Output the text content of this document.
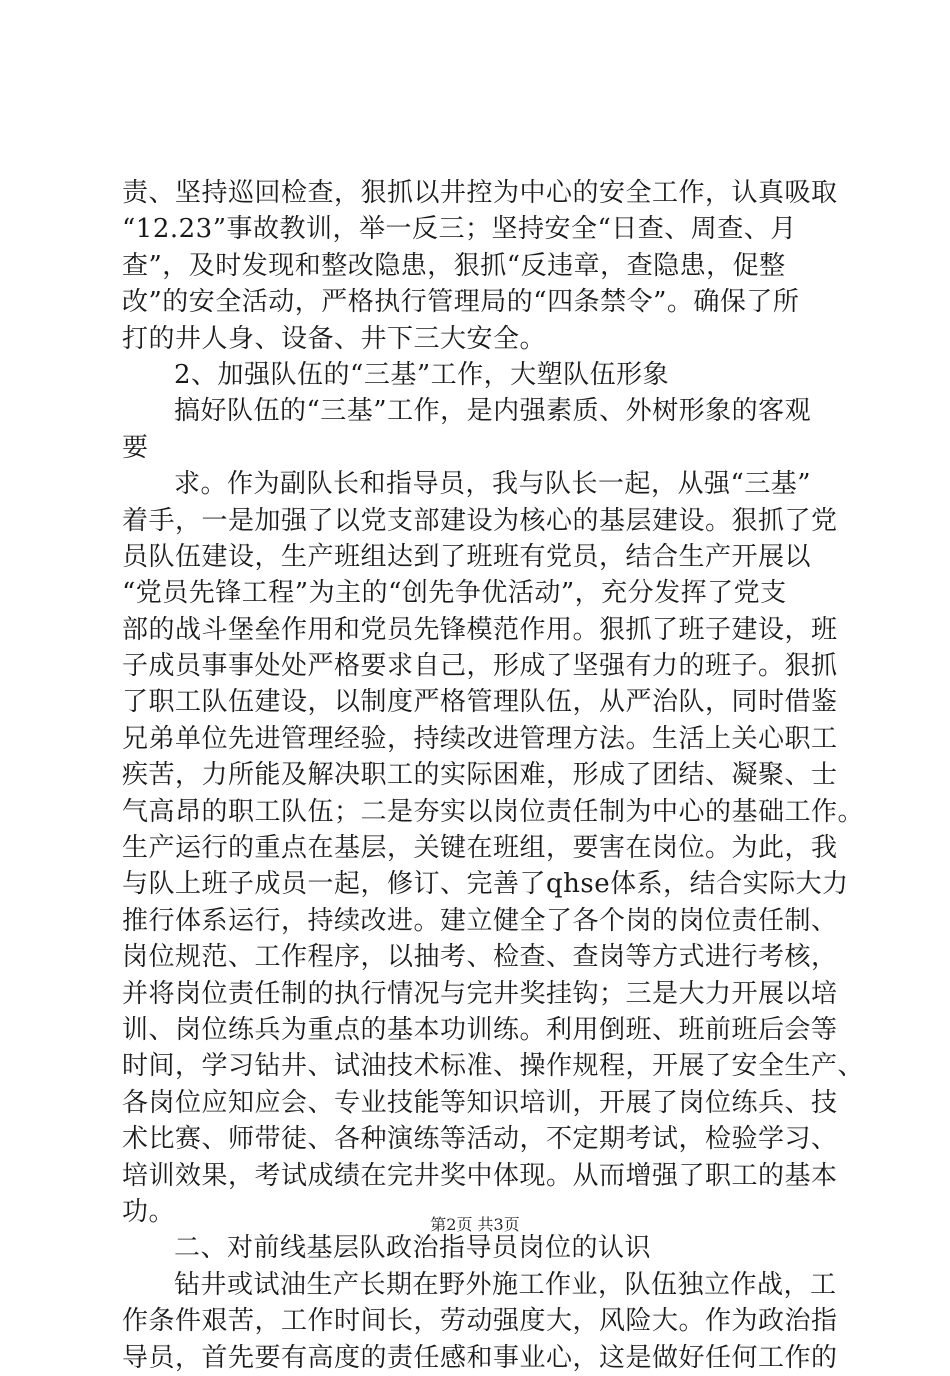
责、坚持巡回检查，狠抓以井控为中心的安全工作，认真吸取
“12.23”事故教训，举一反三；坚持安全“日查、周查、月
查”，及时发现和整改隐患，狠抓“反违章，查隐患，促整
改”的安全活动，严格执行管理局的“四条禁令”。确保了所
打的井人身、设备、井下三大安全。
2、加强队伍的“三基”工作，大塑队伍形象
搞好队伍的“三基”工作，是内强素质、外树形象的客观
要
求。作为副队长和指导员，我与队长一起，从强“三基”
着手，一是加强了以党支部建设为核心的基层建设。狠抓了党
员队伍建设，生产班组达到了班班有党员，结合生产开展以
“党员先锋工程”为主的“创先争优活动”，充分发挥了党支
部的战斗堡垒作用和党员先锋模范作用。狠抓了班子建设，班
子成员事事处处严格要求自己，形成了坚强有力的班子。狠抓
了职工队伍建设，以制度严格管理队伍，从严治队，同时借鉴
兄弟单位先进管理经验，持续改进管理方法。生活上关心职工
疾苦，力所能及解决职工的实际困难，形成了团结、凝聚、士
气高昂的职工队伍；二是夯实以岗位责任制为中心的基础工作。
生产运行的重点在基层，关键在班组，要害在岗位。为此，我
与队上班子成员一起，修订、完善了qhse体系，结合实际大力
推行体系运行，持续改进。建立健全了各个岗的岗位责任制、
岗位规范、工作程序，以抽考、检查、查岗等方式进行考核，
并将岗位责任制的执行情况与完井奖挂钩；三是大力开展以培
训、岗位练兵为重点的基本功训练。利用倒班、班前班后会等
时间，学习钻井、试油技术标准、操作规程，开展了安全生产、
各岗位应知应会、专业技能等知识培训，开展了岗位练兵、技
术比赛、师带徒、各种演练等活动，不定期考试，检验学习、
培训效果，考试成绩在完井奖中体现。从而增强了职工的基本
功。
二、对前线基层队政治指导员岗位的认识
钻井或试油生产长期在野外施工作业，队伍独立作战，工
作条件艰苦，工作时间长，劳动强度大，风险大。作为政治指
导员，首先要有高度的责任感和事业心，这是做好任何工作的
第2页 共3页
